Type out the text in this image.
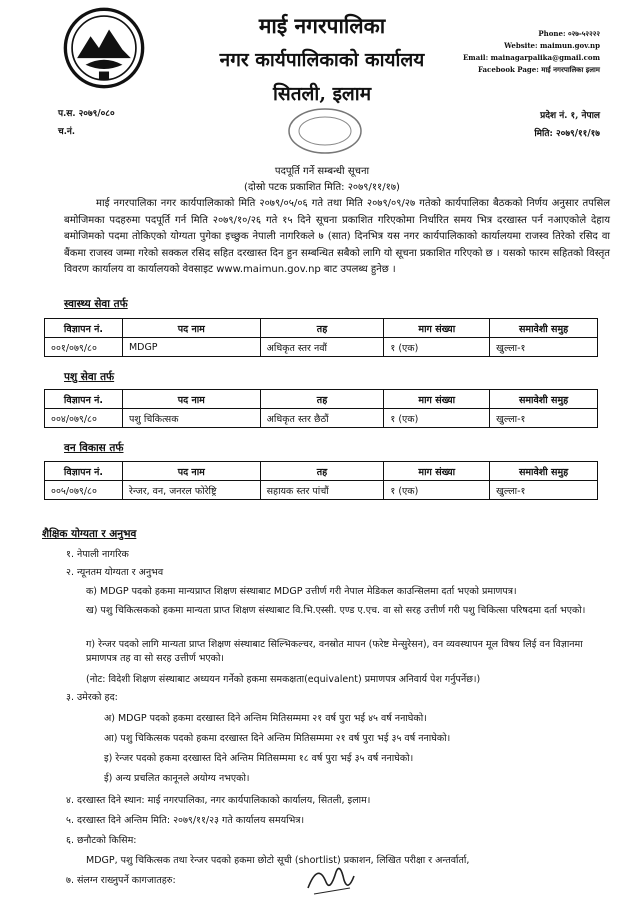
माई नगरपालिका
नगर कार्यपालिकाको कार्यालय
सितली, इलाम
Phone: ०२७-५२२२२
Website: maimun.gov.np
Email: mainagarpalika@gmail.com
Facebook Page: माई नगरपालिका इलाम
प.स. २०७९/०८०
च.नं.
प्रदेश नं. १, नेपाल
मिति: २०७९/११/१७
पदपूर्ति गर्ने सम्बन्धी सूचना
(दोस्रो पटक प्रकाशित मिति: २०७९/११/१७)
माई नगरपालिका नगर कार्यपालिकाको मिति २०७९/०५/०६ गते तथा मिति २०७९/०९/२७ गतेको कार्यपालिका बैठकको निर्णय अनुसार तपसिल बमोजिमका पदहरुमा पदपूर्ति गर्न मिति २०७९/१०/२६ गते १५ दिने सूचना प्रकाशित गरिएकोमा निर्धारित समय भित्र दरखास्त पर्न नआएकोले देहाय बमोजिमको पदमा तोकिएको योग्यता पुगेका इच्छुक नेपाली नागरिकले ७ (सात) दिनभित्र यस नगर कार्यपालिकाको कार्यालयमा राजस्व तिरेको रसिद वा बैंकमा राजस्व जम्मा गरेको सक्कल रसिद सहित दरखास्त दिन हुन सम्बन्धित सबैको लागि यो सूचना प्रकाशित गरिएको छ । यसको फारम सहितको विस्तृत विवरण कार्यालय वा कार्यालयको वेवसाइट www.maimun.gov.np बाट उपलब्ध हुनेछ ।
स्वास्थ्य सेवा तर्फ
विज्ञापन नं.	पद नाम	तह	माग संख्या	समावेशी समुह
००१/०७९/८०	MDGP	अधिकृत स्तर नवौं	१ (एक)	खुल्ला-१
पशु सेवा तर्फ
विज्ञापन नं.	पद नाम	तह	माग संख्या	समावेशी समुह
००४/०७९/८०	पशु चिकित्सक	अधिकृत स्तर छैठौं	१ (एक)	खुल्ला-१
वन विकास तर्फ
विज्ञापन नं.	पद नाम	तह	माग संख्या	समावेशी समुह
००५/०७९/८०	रेन्जर, वन, जनरल फोरेष्ट्रि	सहायक स्तर पांचौं	१ (एक)	खुल्ला-१
शैक्षिक योग्यता र अनुभव
१. नेपाली नागरिक
२. न्यूनतम योग्यता र अनुभव
क) MDGP पदको हकमा मान्यप्राप्त शिक्षण संस्थाबाट MDGP उत्तीर्ण गरी नेपाल मेडिकल काउन्सिलमा दर्ता भएको प्रमाणपत्र।
ख) पशु चिकित्सकको हकमा मान्यता प्राप्त शिक्षण संस्थाबाट वि.भि.एस्सी. एण्ड ए.एच. वा सो सरह उत्तीर्ण गरी पशु चिकित्सा परिषदमा दर्ता भएको।
ग) रेन्जर पदको लागि मान्यता प्राप्त शिक्षण संस्थाबाट सिल्भिकल्चर, वनस्रोत मापन (फरेष्ट मेन्सुरेसन), वन व्यवस्थापन मूल विषय लिई वन विज्ञानमा प्रमाणपत्र तह वा सो सरह उत्तीर्ण भएको।
(नोट: विदेशी शिक्षण संस्थाबाट अध्ययन गर्नेको हकमा समकक्षता(equivalent) प्रमाणपत्र अनिवार्य पेश गर्नुपर्नेछ।)
३. उमेरको हद:
अ) MDGP पदको हकमा दरखास्त दिने अन्तिम मितिसम्ममा २१ वर्ष पुरा भई ४५ वर्ष ननाघेको।
आ) पशु चिकित्सक पदको हकमा दरखास्त दिने अन्तिम मितिसम्ममा २१ वर्ष पुरा भई ३५ वर्ष ननाघेको।
इ) रेन्जर पदको हकमा दरखास्त दिने अन्तिम मितिसम्ममा १८ वर्ष पुरा भई ३५ वर्ष ननाघेको।
ई) अन्य प्रचलित कानूनले अयोग्य नभएको।
४. दरखास्त दिने स्थान: माई नगरपालिका, नगर कार्यपालिकाको कार्यालय, सितली, इलाम।
५. दरखास्त दिने अन्तिम मिति: २०७९/११/२३ गते कार्यालय समयभित्र।
६. छनौटको किसिम:
MDGP, पशु चिकित्सक तथा रेन्जर पदको हकमा छोटो सूची (shortlist) प्रकाशन, लिखित परीक्षा र अन्तर्वार्ता,
७. संलग्न राख्नुपर्ने कागजातहरु:
